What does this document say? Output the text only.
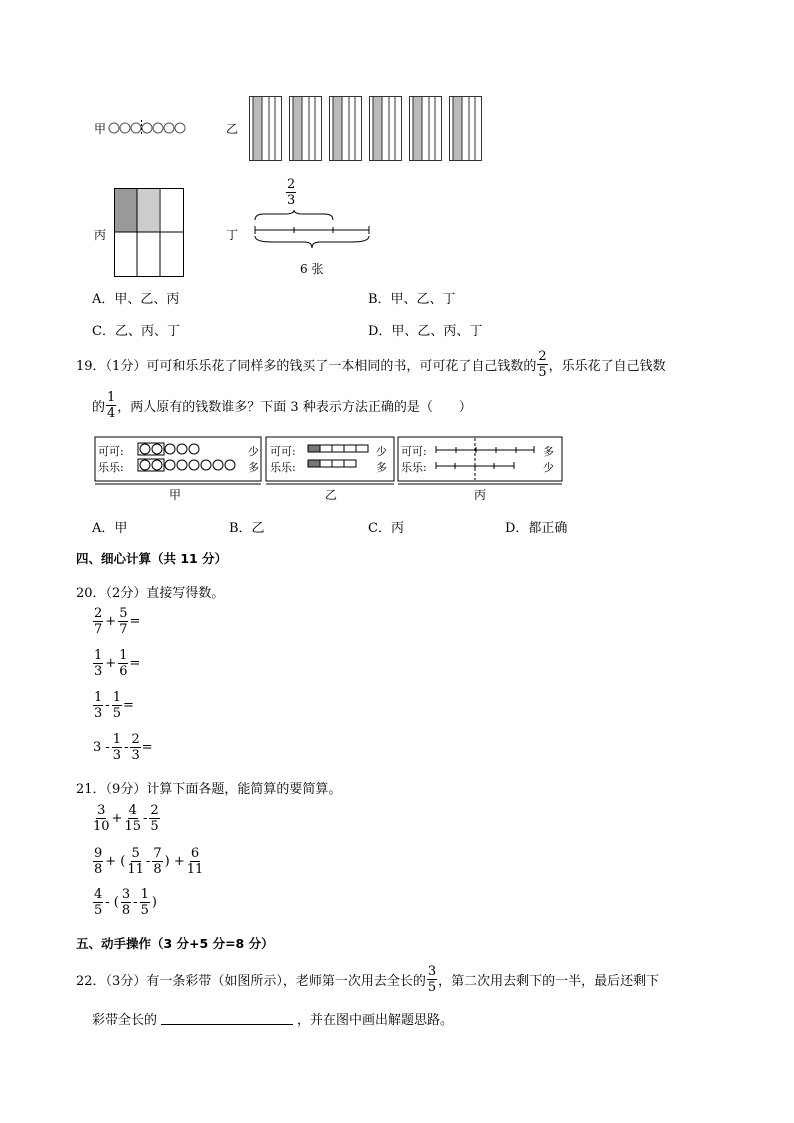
甲	乙
丙	丁
$\frac{2}{3}$
6 张
A．甲、乙、丙	B．甲、乙、丁
C．乙、丙、丁	D．甲、乙、丙、丁
19．（1分）可可和乐乐花了同样多的钱买了一本相同的书，可可花了自己钱数的 $\frac{2}{5}$ ，乐乐花了自己钱数
的 $\frac{1}{4}$ ，两人原有的钱数谁多？下面 3 种表示方法正确的是（　　）
可可:
乐乐:
少
多
可可:
乐乐:
少
多
可可:
乐乐:
多
少
甲	乙	丙
A．甲	B．乙	C．丙	D．都正确
四、细心计算（共 11 分）
20．（2分）直接写得数。
$\frac{2}{7} + \frac{5}{7}$ =
$\frac{1}{3} + \frac{1}{6}$ =
$\frac{1}{3} - \frac{1}{5}$ =
$3 - \frac{1}{3} - \frac{2}{3}$ =
21．（9分）计算下面各题，能简算的要简算。
$\frac{3}{10} + \frac{4}{15} - \frac{2}{5}$
$\frac{9}{8}$ + ( $\frac{5}{11} - \frac{7}{8}$ ) + $\frac{6}{11}$
$\frac{4}{5}$ - ( $\frac{3}{8} - \frac{1}{5}$ )
五、动手操作（3 分+5 分=8 分）
22．（3分）有一条彩带（如图所示），老师第一次用去全长的 $\frac{3}{5}$ ，第二次用去剩下的一半，最后还剩下
彩带全长的	，并在图中画出解题思路。
